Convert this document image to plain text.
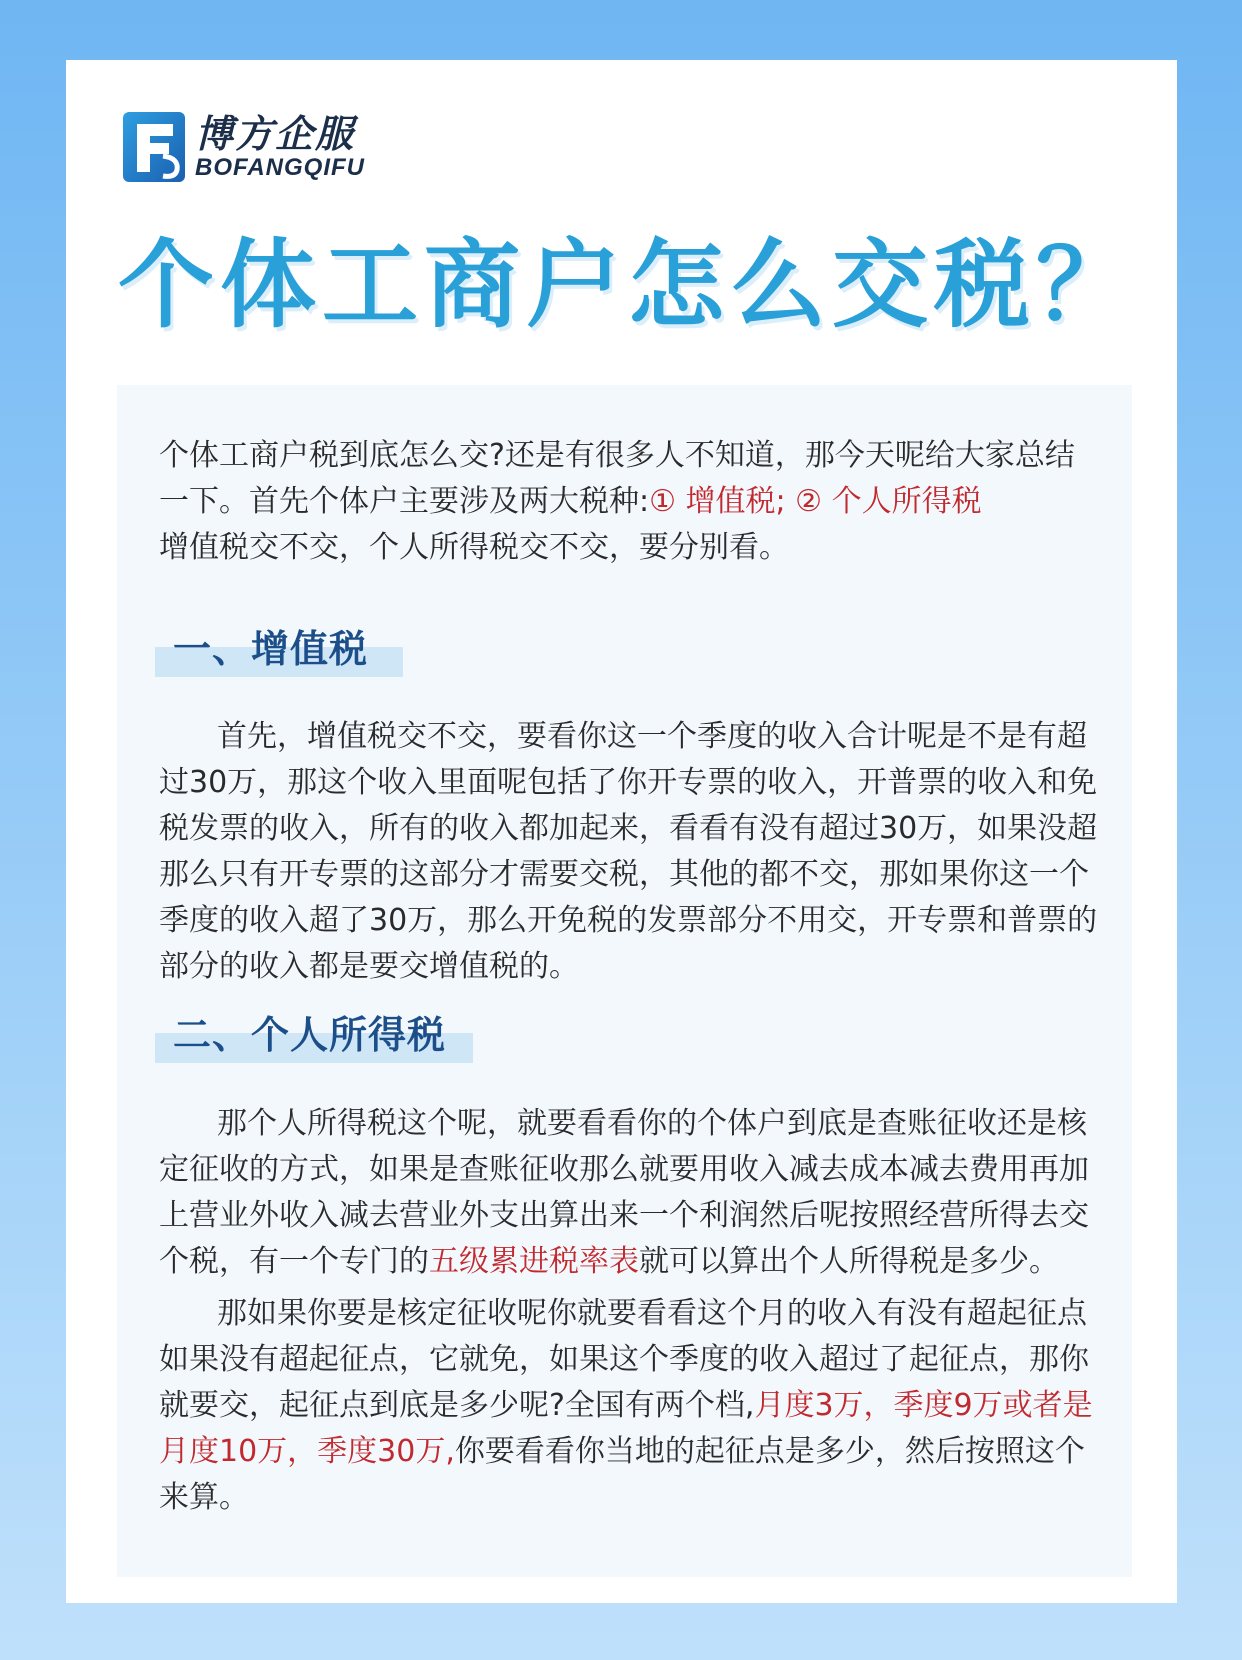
博方企服
BOFANGQIFU
个体工商户怎么交税？

个体工商户税到底怎么交?还是有很多人不知道，那今天呢给大家总结一下。首先个体户主要涉及两大税种:① 增值税; ② 个人所得税
增值税交不交，个人所得税交不交，要分别看。

一、增值税

首先，增值税交不交，要看你这一个季度的收入合计呢是不是有超过30万，那这个收入里面呢包括了你开专票的收入，开普票的收入和免税发票的收入，所有的收入都加起来，看看有没有超过30万，如果没超那么只有开专票的这部分才需要交税，其他的都不交，那如果你这一个季度的收入超了30万，那么开免税的发票部分不用交，开专票和普票的部分的收入都是要交增值税的。

二、个人所得税

那个人所得税这个呢，就要看看你的个体户到底是查账征收还是核定征收的方式，如果是查账征收那么就要用收入减去成本减去费用再加上营业外收入减去营业外支出算出来一个利润然后呢按照经营所得去交个税，有一个专门的五级累进税率表就可以算出个人所得税是多少。

那如果你要是核定征收呢你就要看看这个月的收入有没有超起征点如果没有超起征点，它就免，如果这个季度的收入超过了起征点，那你就要交，起征点到底是多少呢?全国有两个档,月度3万，季度9万或者是月度10万，季度30万,你要看看你当地的起征点是多少，然后按照这个来算。
